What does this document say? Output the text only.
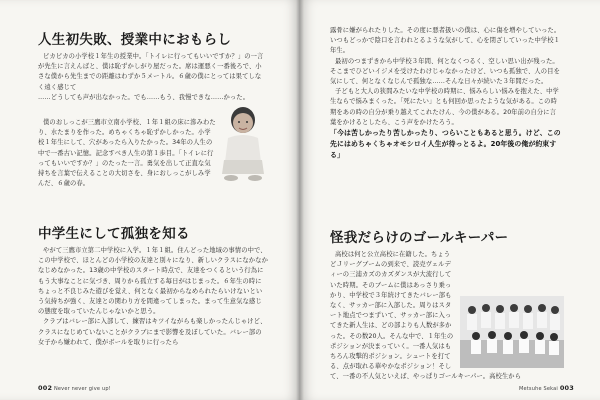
人生初失敗、授業中におもらし

ピカピカの小学校１年生の授業中。「トイレに行ってもいいですか？」の一言が先生に言えんばと、僕は恥ずかしがり屋だった。席は運悪く一番後ろで、小さな僕から先生までの距離はわずか５メートル。６歳の僕にとっては果てしなく遠く感じて

……どうしても声が出なかった。でも……もう、我慢できな……かった。

僕のおしっこが三鷹市立南小学校、１年１組の床に滲みわたり、水たまりを作った。めちゃくちゃ恥ずかしかった。小学校１年生にして、穴があったら入りたかった。34年の人生の中で一番古い記憶。記念すべき人生の第１歩目。「トイレに行ってもいいですか？」のたった一言。勇気を出して正直な気持ちを言葉で伝えることの大切さを、身におしっこがしみ学んだ、６歳の春。

中学生にして孤独を知る

やがて三鷹市立第二中学校に入学。１年１組。住んどった地域の事情の中で、この中学校で、ほとんどの小学校の友達と別々になり、新しいクラスになかなかなじめなかった。13歳の中学校のスタート時点で、友達をつくるという行為にもう大事なことに気づき、周りから孤立する毎日がはじまった。６年生の時にちょっと不良じみた遊びを覚え、何となく最初からなめられたらいけないという気持ちが強く、友達との関わり方を間違ってしまった。まって生意気な感じの態度を取っていたんじゃないかと思う。

クラブはバレー部に入部して、練習はキツイながらも楽しかったんじゃけど、クラスになじめていないことがクラブにまで影響を及ぼしていた。バレー部の女子から嫌われて、僕がボールを取りに行ったら

002 Never never give up!

露骨に嫌がられたりした。その度に悪者扱いの僕は、心に傷を増やしていった。いつもどっかで陰口を言われとるような気がして、心を閉ざしていった中学校１年生。

最初のつまずきから中学校３年間、何となくつるく、空しい思い出が残った。そこまでひどいイジメを受けたわけじゃなかったけど、いつも孤独で、人の目を気にして、何となくなじんで孤独な……そんな日々が続いた３年間だった。

子どもと大人の狭間みたいな中学校の時期に、悩みらしい悩みを抱えた、中学生ならで悩みまくった。「死にたい」とも何回か思ったような気がある。この時期をあの時の自分が乗り越えてこれたけん、今の僕がある。20年前の自分に言葉をかけるとしたら、こう声をかけたろう。

「今は苦しかったり苦しかったり、つらいこともあると思う。けど、この先にはめちゃくちゃオモシロイ人生が待っとるよ。20年後の俺が約束する」

怪我だらけのゴールキーパー

高校は何と公立高校に在籍した。ちょうどＪリーグブームの到来で、読売ヴェルディーの三浦カズのカズダンスが大流行していた時期。そのブームに僕はあっさり乗っかり、中学校で３年続けてきたバレー部もなく、サッカー部に入部した。周りはスタート地点でつまずいて、サッカー部に入ってきた新人生は、どの部よりも人数が多かった。その数20人。そんな中で、１年生のポジションが決まっていく。一番人気はもちろん攻撃的ポジション。シュートを打てる、点が取れる華やかなポジション！そして、一番の不人気といえば、やっぱりゴールキーパー。高校生から

Metsuhe Sekai 003
